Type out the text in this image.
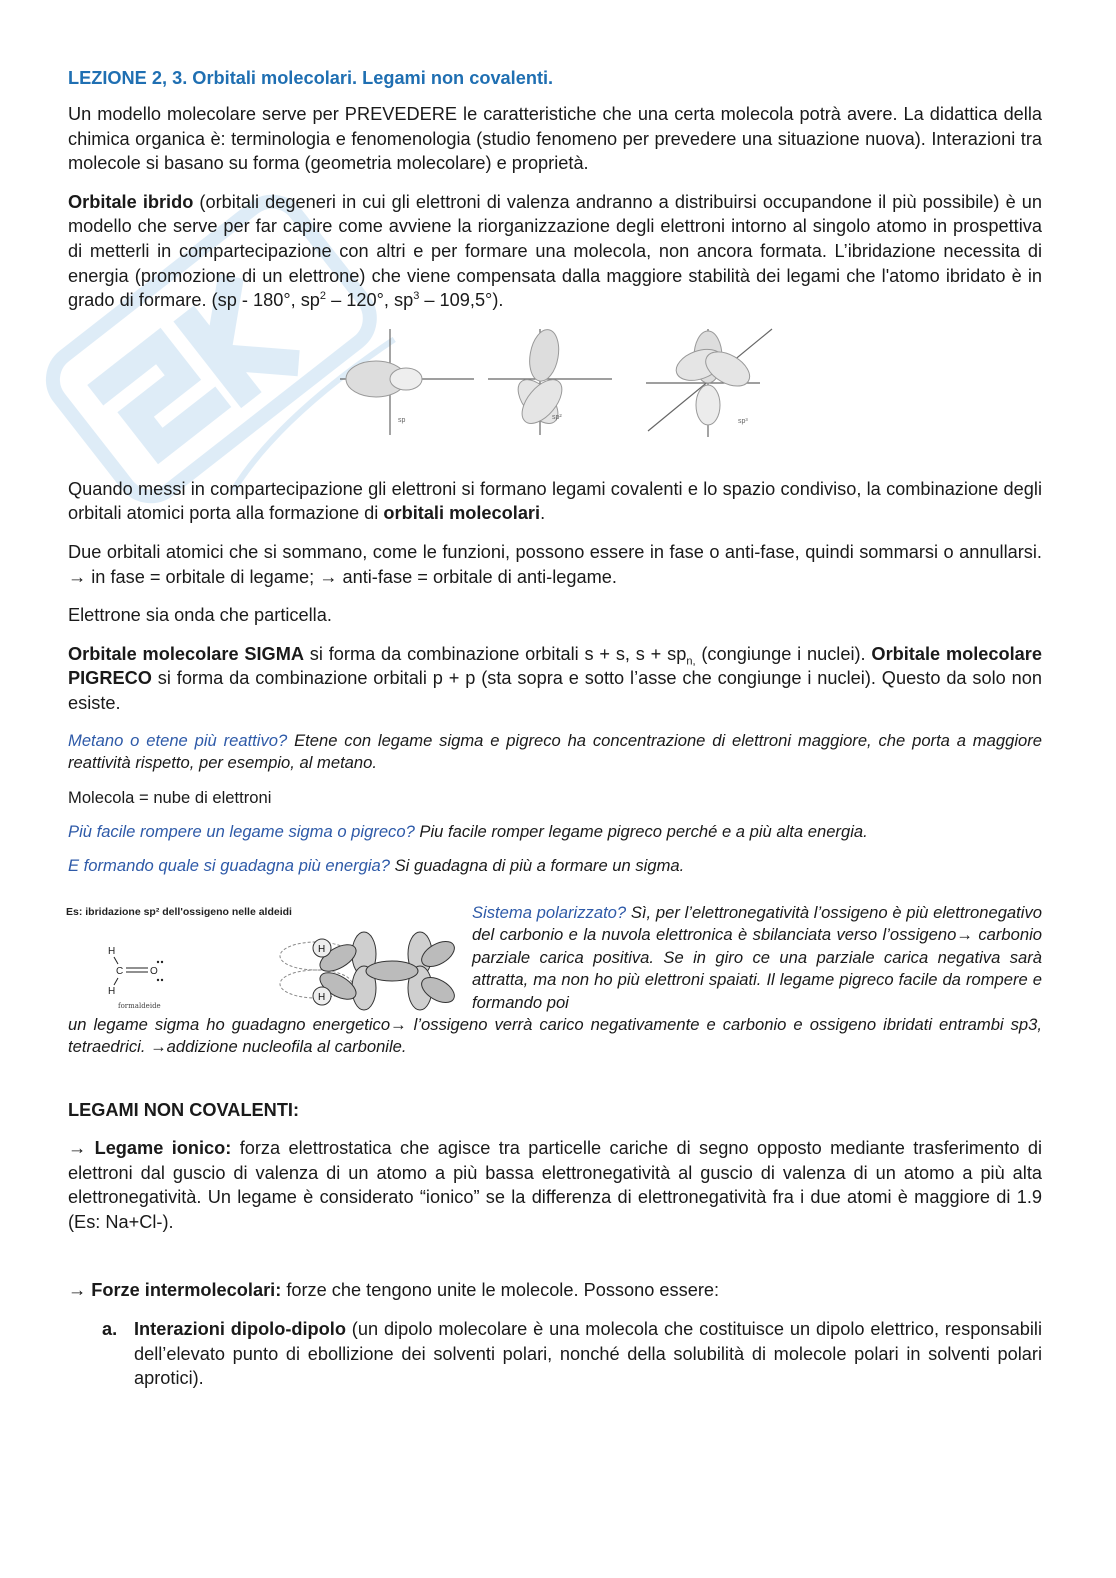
LEZIONE 2, 3. Orbitali molecolari. Legami non covalenti.

Un modello molecolare serve per PREVEDERE le caratteristiche che una certa molecola potrà avere. La didattica della chimica organica è: terminologia e fenomenologia (studio fenomeno per prevedere una situazione nuova). Interazioni tra molecole si basano su forma (geometria molecolare) e proprietà.

Orbitale ibrido (orbitali degeneri in cui gli elettroni di valenza andranno a distribuirsi occupandone il più possibile) è un modello che serve per far capire come avviene la riorganizzazione degli elettroni intorno al singolo atomo in prospettiva di metterli in compartecipazione con altri e per formare una molecola, non ancora formata. L’ibridazione necessita di energia (promozione di un elettrone) che viene compensata dalla maggiore stabilità dei legami che l'atomo ibridato è in grado di formare. (sp - 180°, $sp^2 - 120^\circ$, $sp^3 - 109,5^\circ$).

sp	sp²
sp³

Quando messi in compartecipazione gli elettroni si formano legami covalenti e lo spazio condiviso, la combinazione degli orbitali atomici porta alla formazione di orbitali molecolari.

Due orbitali atomici che si sommano, come le funzioni, possono essere in fase o anti-fase, quindi sommarsi o annullarsi. → in fase = orbitale di legame; → anti-fase = orbitale di anti-legame.

Elettrone sia onda che particella.

Orbitale molecolare SIGMA si forma da combinazione orbitali s + s, $s + sp_{n,}$ (congiunge i nuclei). Orbitale molecolare PIGRECO si forma da combinazione orbitali p + p (sta sopra e sotto l’asse che congiunge i nuclei). Questo da solo non esiste.

Metano o etene più reattivo? Etene con legame sigma e pigreco ha concentrazione di elettroni maggiore, che porta a maggiore reattività rispetto, per esempio, al metano.

Molecola = nube di elettroni

Più facile rompere un legame sigma o pigreco? Piu facile romper legame pigreco perché e a più alta energia.

E formando quale si guadagna più energia? Si guadagna di più a formare un sigma.

Es: ibridazione sp² dell'ossigeno nelle aldeidi
H
C
H
O
formaldeide
H
H
Sistema polarizzato? Sì, per l’elettronegatività l’ossigeno è più elettronegativo del carbonio e la nuvola elettronica è sbilanciata verso l’ossigeno→ carbonio parziale carica positiva. Se in giro ce una parziale carica negativa sarà attratta, ma non ho più elettroni spaiati. Il legame pigreco facile da rompere e formando poi
un legame sigma ho guadagno energetico→ l’ossigeno verrà carico negativamente e carbonio e ossigeno ibridati entrambi sp3, tetraedrici. →addizione nucleofila al carbonile.

LEGAMI NON COVALENTI:

→ Legame ionico: forza elettrostatica che agisce tra particelle cariche di segno opposto mediante trasferimento di elettroni dal guscio di valenza di un atomo a più bassa elettronegatività al guscio di valenza di un atomo a più alta elettronegatività. Un legame è considerato “ionico” se la differenza di elettronegatività fra i due atomi è maggiore di 1.9 (Es: Na+Cl-).

→ Forze intermolecolari: forze che tengono unite le molecole. Possono essere:

a. Interazioni dipolo-dipolo (un dipolo molecolare è una molecola che costituisce un dipolo elettrico, responsabili dell’elevato punto di ebollizione dei solventi polari, nonché della solubilità di molecole polari in solventi polari aprotici).
